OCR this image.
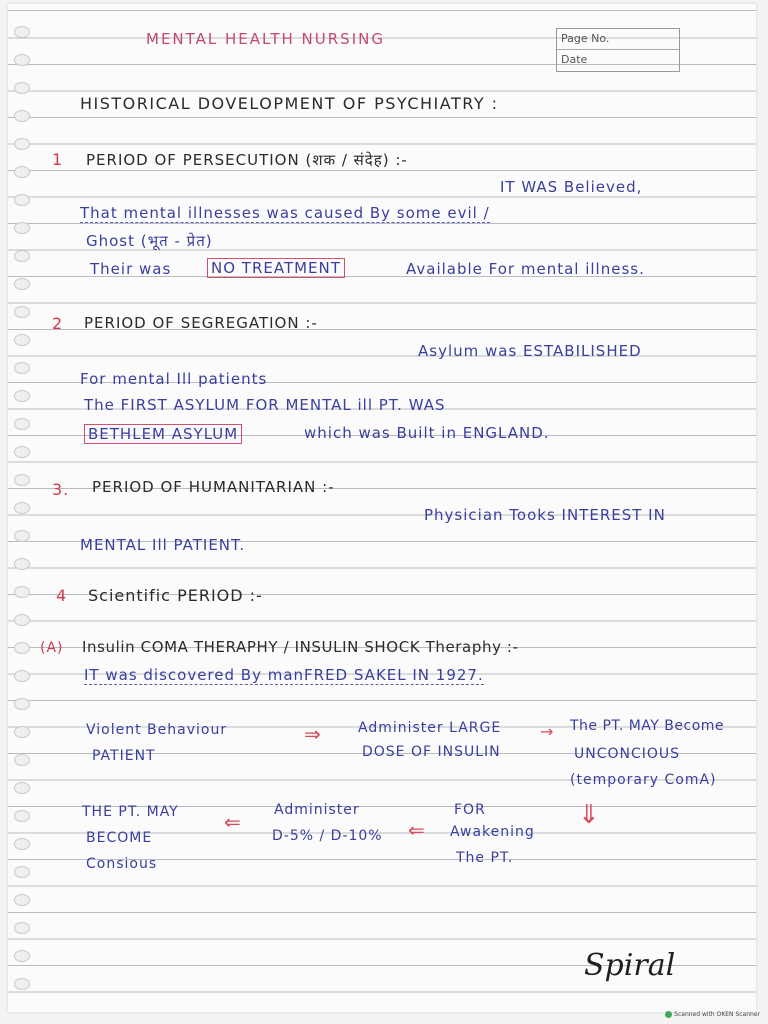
MENTAL HEALTH NURSING	Page No.
Date
HISTORICAL DOVELOPMENT OF PSYCHIATRY :
1 PERIOD OF PERSECUTION (शक / संदेह) :-
IT WAS Believed,
That mental illnesses was caused By some evil /
Ghost (भूत - प्रेत)
Their was	NO TREATMENT	Available For mental illness.
2 PERIOD OF SEGREGATION :-
Asylum was ESTABILISHED
For mental Ill patients
The FIRST ASYLUM FOR MENTAL ill PT. WAS
BETHLEM ASYLUM	which was Built in ENGLAND.
3. PERIOD OF HUMANITARIAN :-
Physician Tooks INTEREST IN
MENTAL Ill PATIENT.
4 Scientific PERIOD :-
(A) Insulin COMA THERAPHY / INSULIN SHOCK Theraphy :-
IT was discovered By manFRED SAKEL IN 1927.
Violent Behaviour
PATIENT
⇒	Administer LARGE
DOSE OF INSULIN
→ The PT. MAY Become
UNCONCIOUS
(temporary ComA)
⇓
FOR
Awakening
The PT.
⇐
Administer
D-5% / D-10%
⇐
THE PT. MAY
BECOME
Consious
Spiral
Scanned with OKEN Scanner
